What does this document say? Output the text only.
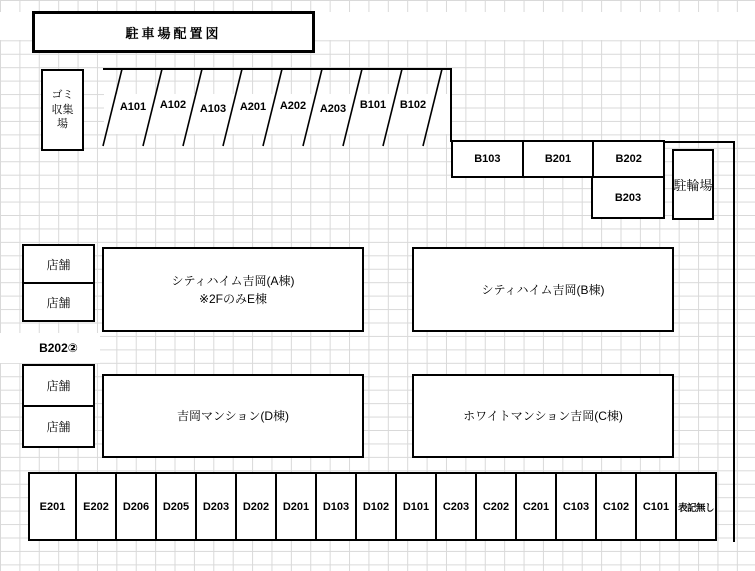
駐車場配置図
ゴミ収集場
A101	A102	A103	A201	A202	A203	B101	B102
B103	B201	B202
B203
駐輪場
店舗
店舗
B202②
店舗
店舗
シティハイム吉岡(A棟)
※2FのみE棟
シティハイム吉岡(B棟)
吉岡マンション(D棟)	ホワイトマンション吉岡(C棟)
E201	E202	D206	D205	D203	D202	D201	D103	D102	D101	C203	C202	C201	C103	C102	C101 表記無し
